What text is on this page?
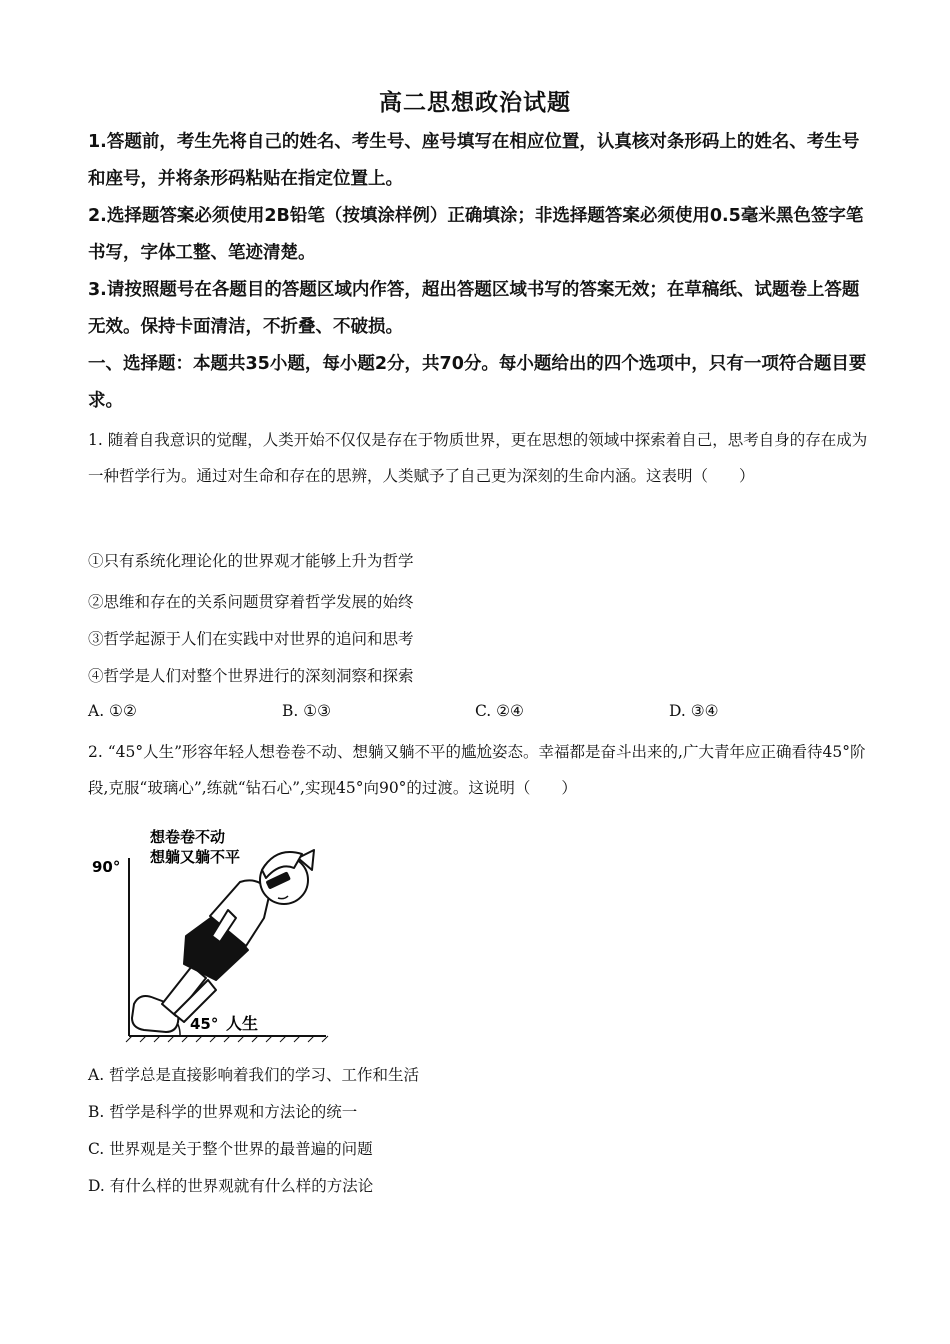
高二思想政治试题
1.答题前，考生先将自己的姓名、考生号、座号填写在相应位置，认真核对条形码上的姓名、考生号和座号，并将条形码粘贴在指定位置上。
2.选择题答案必须使用2B铅笔（按填涂样例）正确填涂；非选择题答案必须使用0.5毫米黑色签字笔书写，字体工整、笔迹清楚。
3.请按照题号在各题目的答题区域内作答，超出答题区域书写的答案无效；在草稿纸、试题卷上答题无效。保持卡面清洁，不折叠、不破损。
一、选择题：本题共35小题，每小题2分，共70分。每小题给出的四个选项中，只有一项符合题目要求。
1. 随着自我意识的觉醒，人类开始不仅仅是存在于物质世界，更在思想的领域中探索着自己，思考自身的存在成为一种哲学行为。通过对生命和存在的思辨，人类赋予了自己更为深刻的生命内涵。这表明（　　）
①只有系统化理论化的世界观才能够上升为哲学
②思维和存在的关系问题贯穿着哲学发展的始终
③哲学起源于人们在实践中对世界的追问和思考
④哲学是人们对整个世界进行的深刻洞察和探索
A. ①②	B. ①③	C. ②④	D. ③④
2. “45°人生”形容年轻人想卷卷不动、想躺又躺不平的尴尬姿态。幸福都是奋斗出来的,广大青年应正确看待45°阶段,克服“玻璃心”,练就“钻石心”,实现45°向90°的过渡。这说明（　　）
90°
想卷卷不动
想躺又躺不平
45° 人生
A. 哲学总是直接影响着我们的学习、工作和生活
B. 哲学是科学的世界观和方法论的统一
C. 世界观是关于整个世界的最普遍的问题
D. 有什么样的世界观就有什么样的方法论
